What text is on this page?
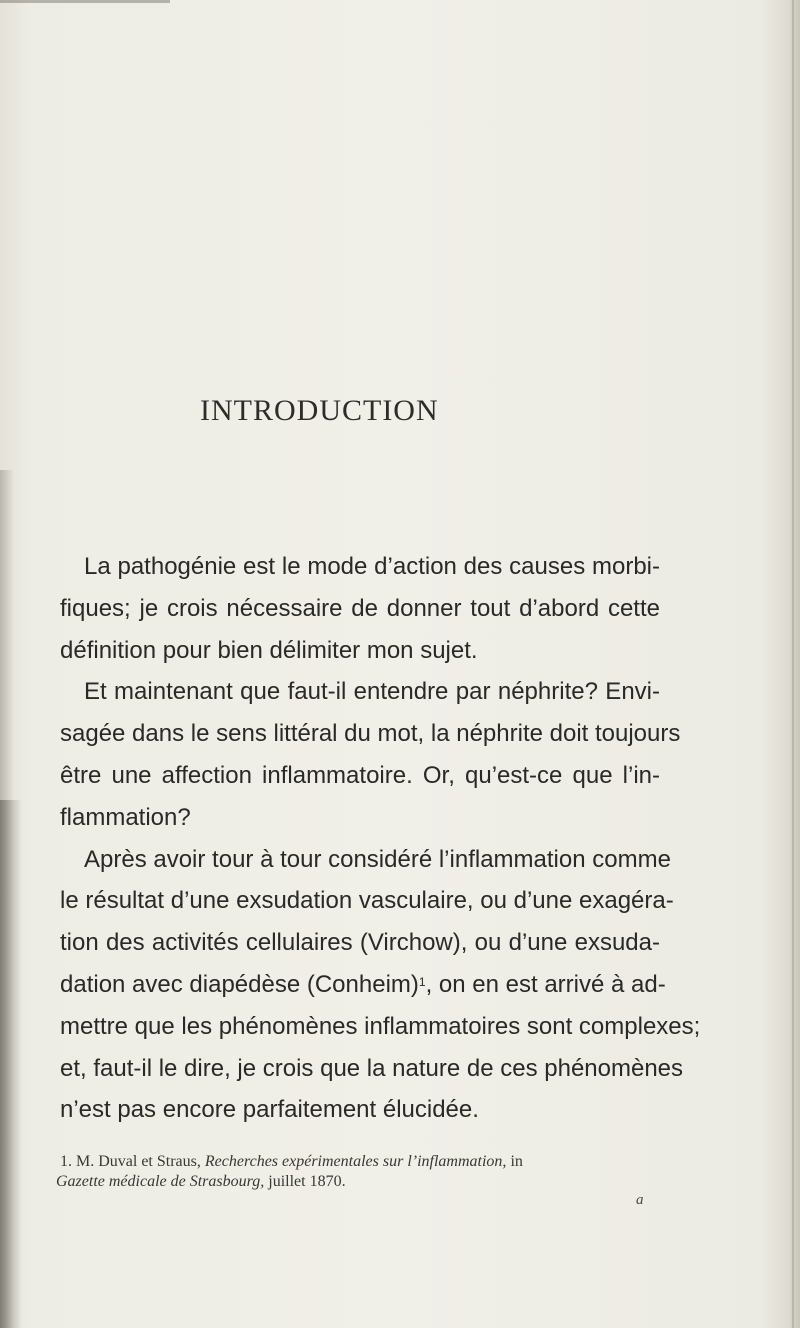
INTRODUCTION
La pathogénie est le mode d’action des causes morbi-
fiques; je crois nécessaire de donner tout d’abord cette
définition pour bien délimiter mon sujet.
Et maintenant que faut-il entendre par néphrite? Envi-
sagée dans le sens littéral du mot, la néphrite doit toujours
être une affection inflammatoire. Or, qu’est-ce que l’in-
flammation?
Après avoir tour à tour considéré l’inflammation comme
le résultat d’une exsudation vasculaire, ou d’une exagéra-
tion des activités cellulaires (Virchow), ou d’une exsuda-
dation avec diapédèse (Conheim)$^1$, on en est arrivé à ad-
mettre que les phénomènes inflammatoires sont complexes;
et, faut-il le dire, je crois que la nature de ces phénomènes
n’est pas encore parfaitement élucidée.
1. M. Duval et Straus, Recherches expérimentales sur l’inflammation, in
Gazette médicale de Strasbourg, juillet 1870.
a
